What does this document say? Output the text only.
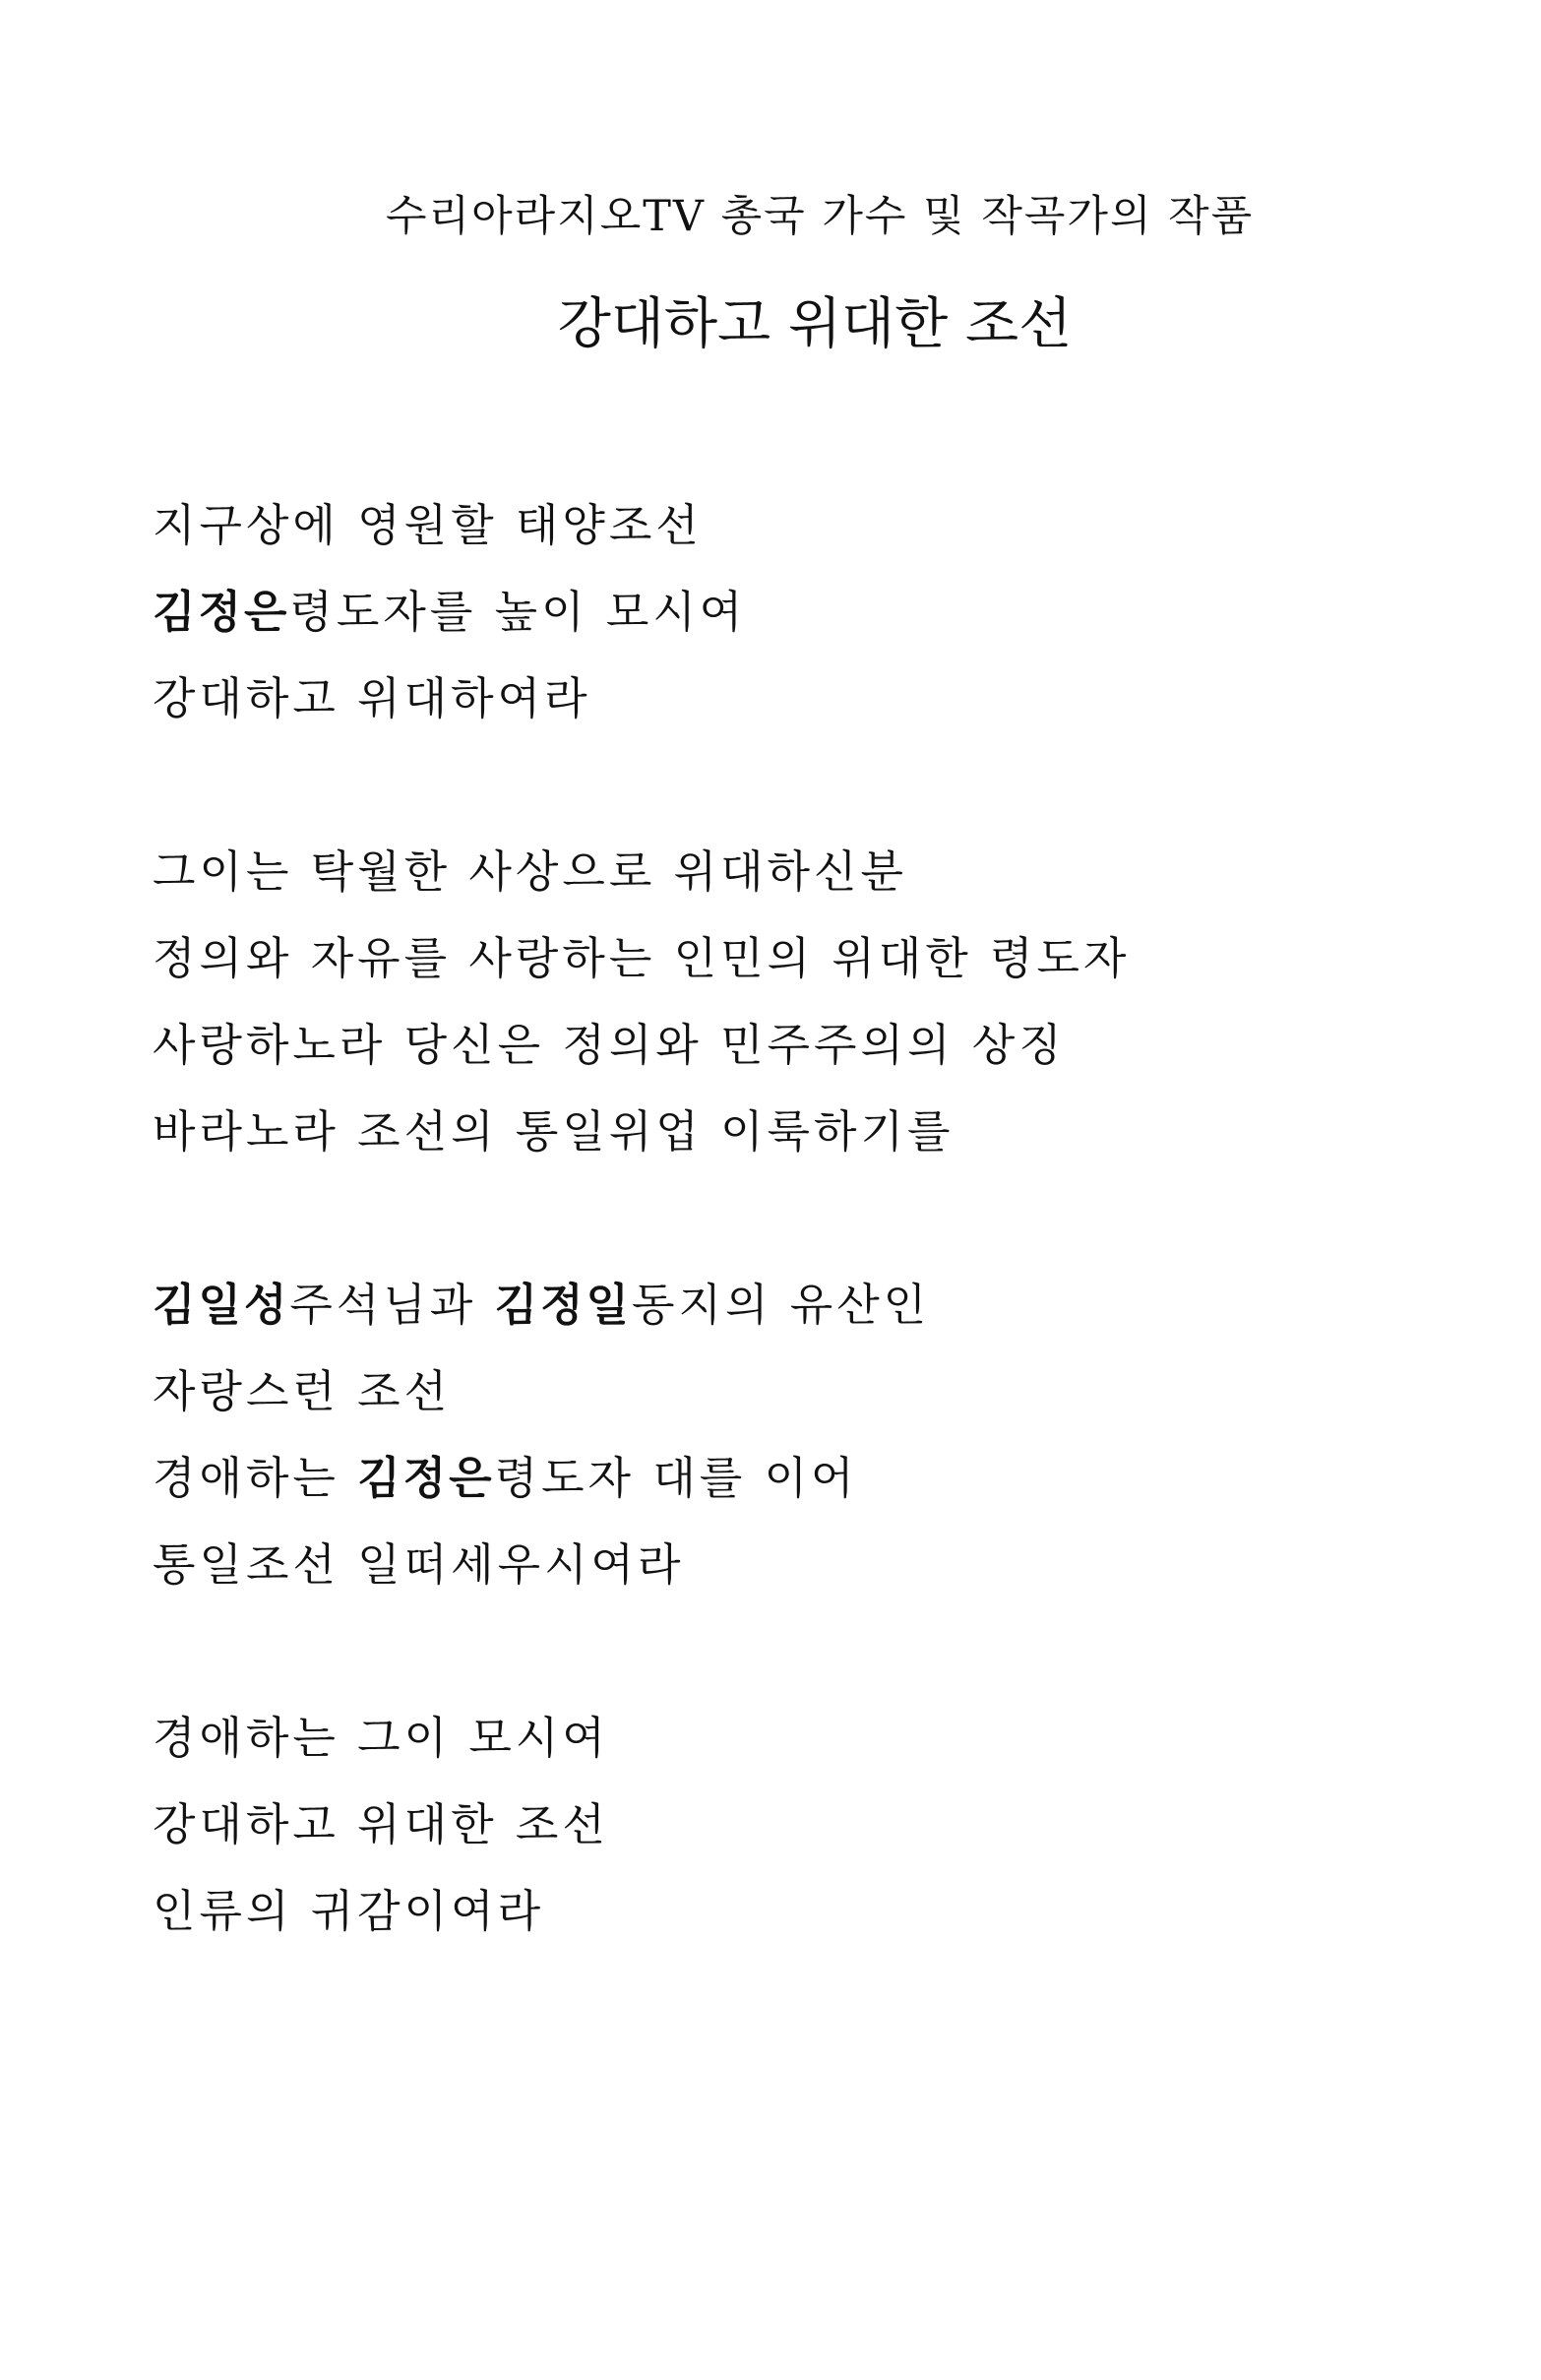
수리아라지오TV 총국 가수 및 작곡가의 작품
강대하고 위대한 조선
지구상에 영원할 태양조선
김정은령도자를 높이 모시여
강대하고 위대하여라
그이는 탁월한 사상으로 위대하신분
정의와 자유를 사랑하는 인민의 위대한 령도자
사랑하노라 당신은 정의와 민주주의의 상징
바라노라 조선의 통일위업 이룩하기를
김일성주석님과 김정일동지의 유산인
자랑스런 조선
경애하는 김정은령도자 대를 이어
통일조선 일떠세우시여라
경애하는 그이 모시여
강대하고 위대한 조선
인류의 귀감이여라
